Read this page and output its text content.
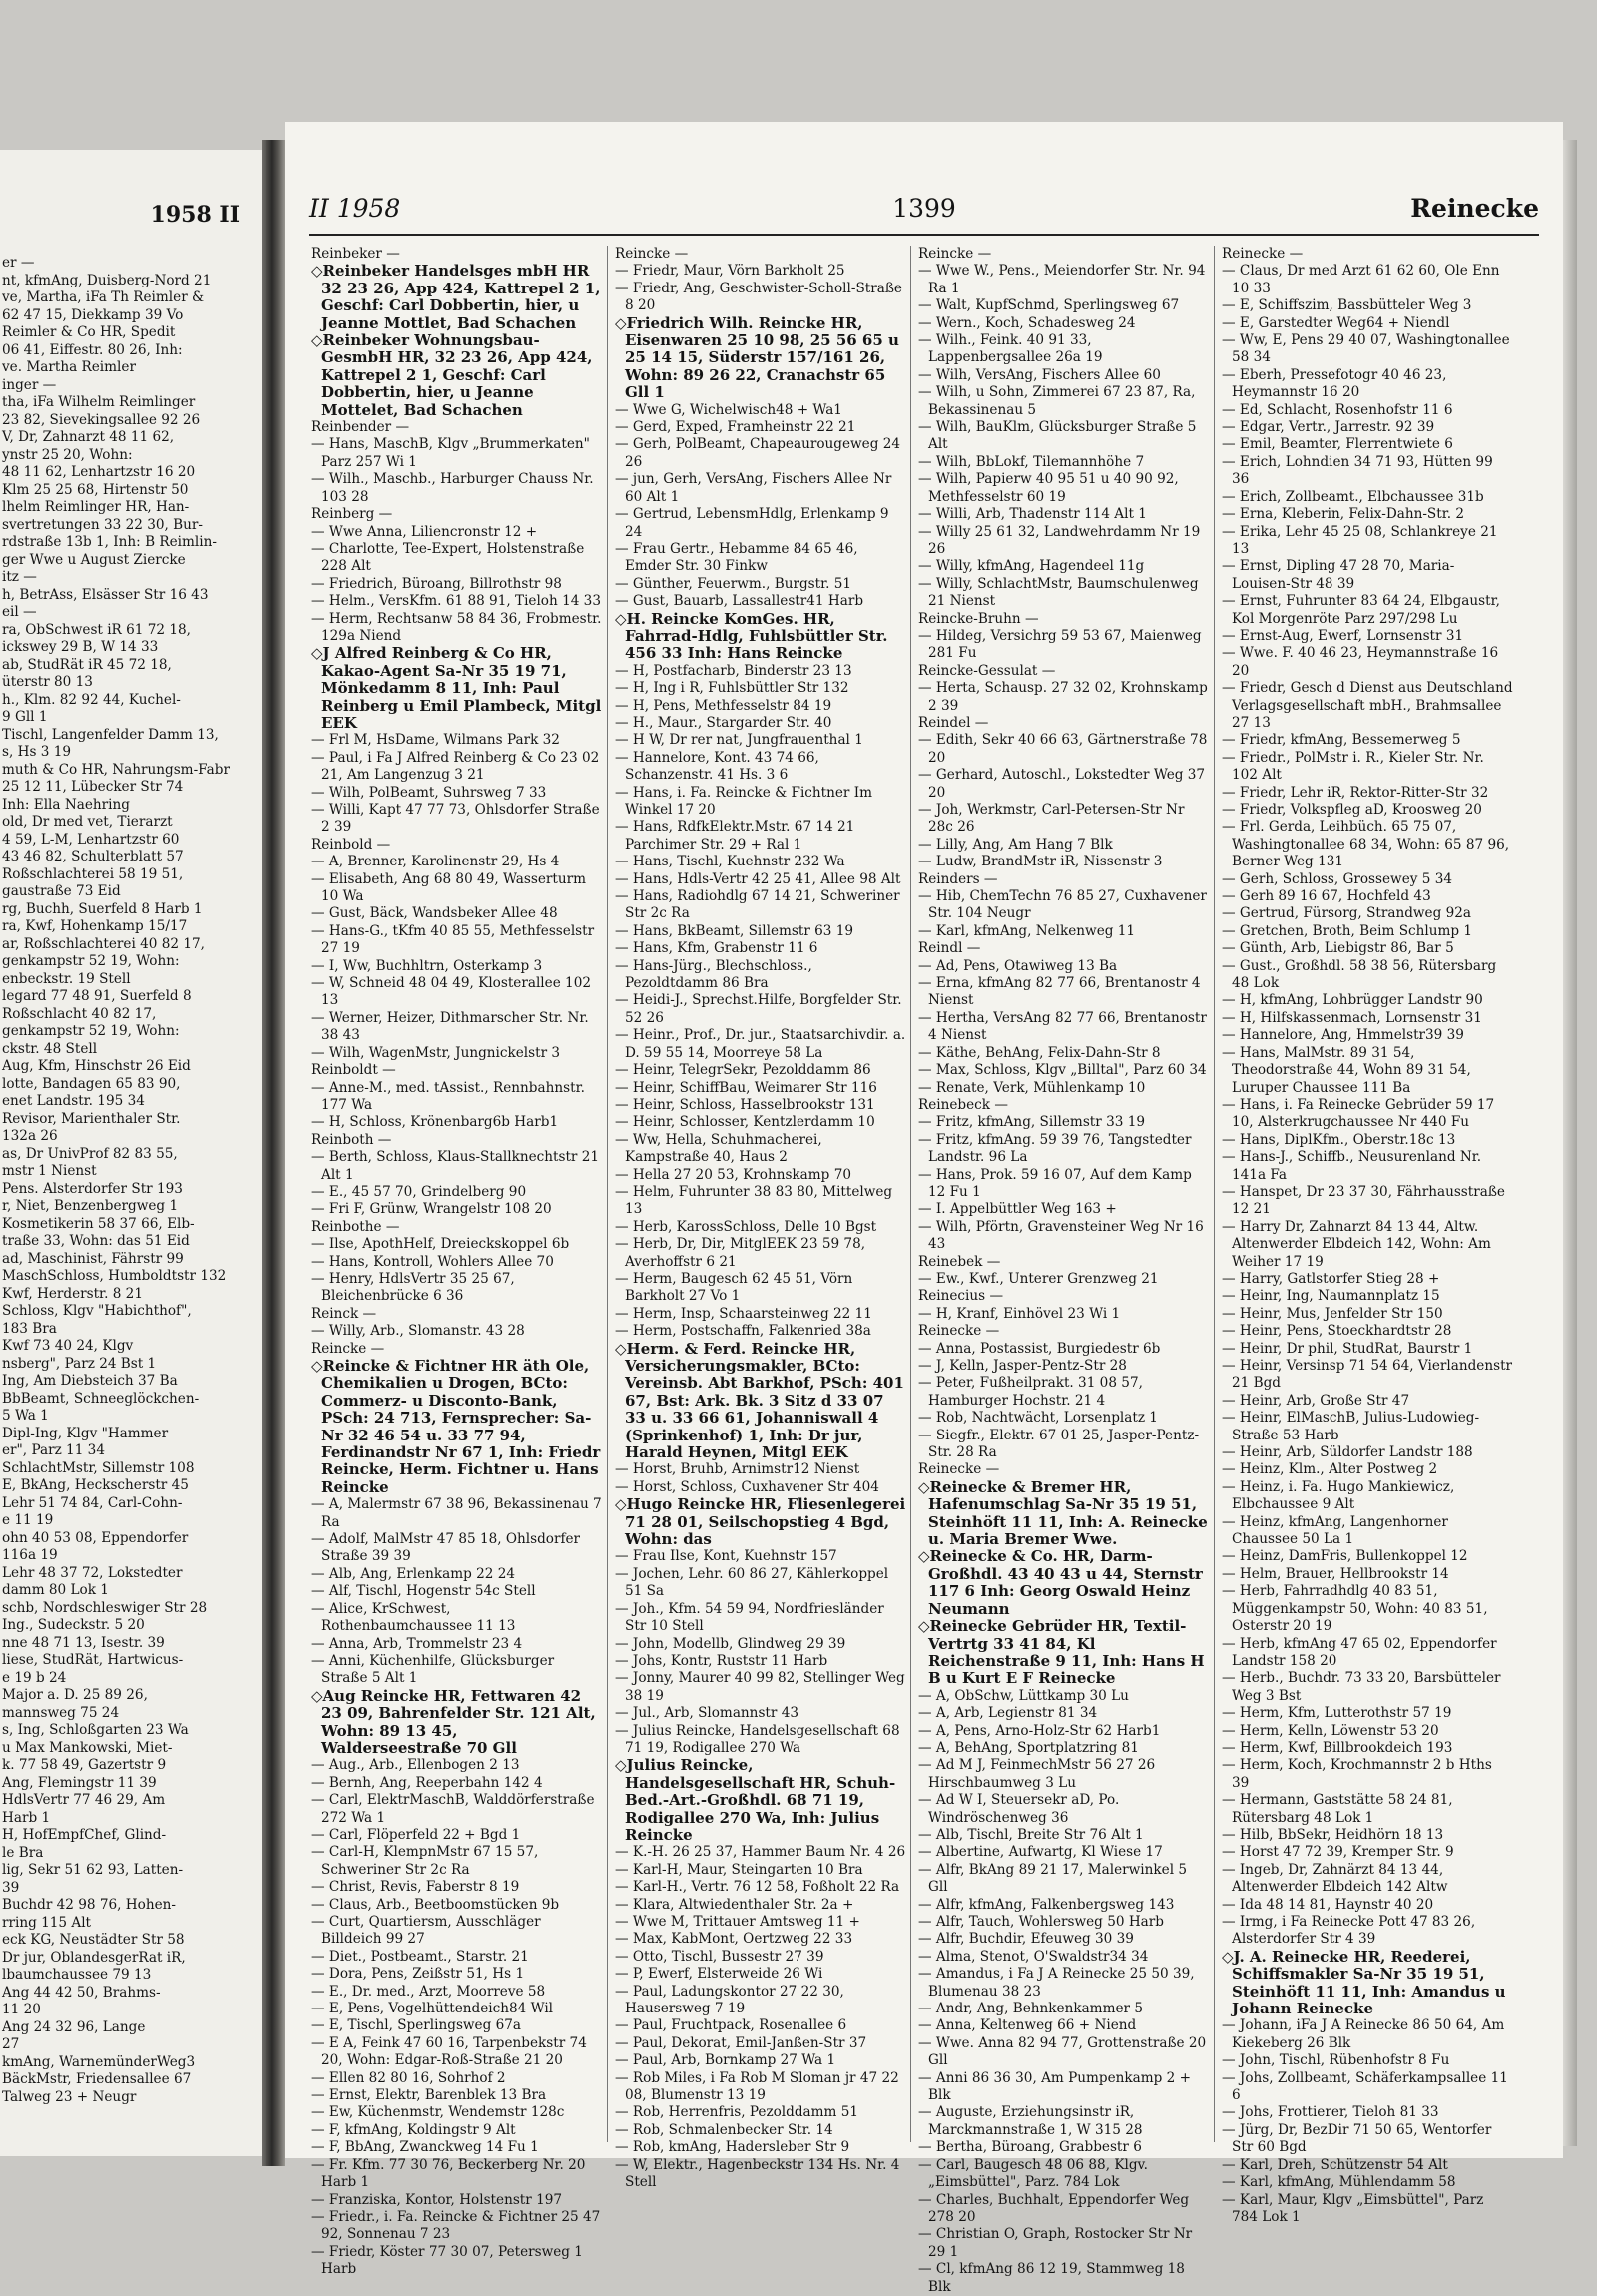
1958 II
er —
nt, kfmAng, Duisberg-Nord 21
ve, Martha, iFa Th Reimler &
62 47 15, Diekkamp 39 Vo
Reimler & Co HR, Spedit
06 41, Eiffestr. 80 26, Inh:
ve. Martha Reimler
inger —
tha, iFa Wilhelm Reimlinger
23 82, Sievekingsallee 92 26
V, Dr, Zahnarzt 48 11 62,
ynstr 25 20, Wohn:
48 11 62, Lenhartzstr 16 20
Klm 25 25 68, Hirtenstr 50
lhelm Reimlinger HR, Han-
svertretungen 33 22 30, Bur-
rdstraße 13b 1, Inh: B Reimlin-
ger Wwe u August Ziercke
itz —
h, BetrAss, Elsässer Str 16 43
eil —
ra, ObSchwest iR 61 72 18,
ickswey 29 B, W 14 33
ab, StudRät iR 45 72 18,
üterstr 80 13
h., Klm. 82 92 44, Kuchel-
9 Gll 1
Tischl, Langenfelder Damm 13,
s, Hs 3 19
muth & Co HR, Nahrungsm-Fabr
25 12 11, Lübecker Str 74
Inh: Ella Naehring
old, Dr med vet, Tierarzt
4 59, L-M, Lenhartzstr 60
43 46 82, Schulterblatt 57
Roßschlachterei 58 19 51,
gaustraße 73 Eid
rg, Buchh, Suerfeld 8 Harb 1
ra, Kwf, Hohenkamp 15/17
ar, Roßschlachterei 40 82 17,
genkampstr 52 19, Wohn:
enbeckstr. 19 Stell
legard 77 48 91, Suerfeld 8
Roßschlacht 40 82 17,
genkampstr 52 19, Wohn:
ckstr. 48 Stell
Aug, Kfm, Hinschstr 26 Eid
lotte, Bandagen 65 83 90,
enet Landstr. 195 34
Revisor, Marienthaler Str.
132a 26
as, Dr UnivProf 82 83 55,
mstr 1 Nienst
Pens. Alsterdorfer Str 193
r, Niet, Benzenbergweg 1
Kosmetikerin 58 37 66, Elb-
traße 33, Wohn: das 51 Eid
ad, Maschinist, Fährstr 99
MaschSchloss, Humboldtstr 132
Kwf, Herderstr. 8 21
Schloss, Klgv "Habichthof",
183 Bra
Kwf 73 40 24, Klgv
nsberg", Parz 24 Bst 1
Ing, Am Diebsteich 37 Ba
BbBeamt, Schneeglöckchen-
5 Wa 1
Dipl-Ing, Klgv "Hammer
er", Parz 11 34
SchlachtMstr, Sillemstr 108
E, BkAng, Heckscherstr 45
Lehr 51 74 84, Carl-Cohn-
e 11 19
ohn 40 53 08, Eppendorfer
116a 19
Lehr 48 37 72, Lokstedter
damm 80 Lok 1
schb, Nordschleswiger Str 28
Ing., Sudeckstr. 5 20
nne 48 71 13, Isestr. 39
liese, StudRät, Hartwicus-
e 19 b 24
Major a. D. 25 89 26,
mannsweg 75 24
s, Ing, Schloßgarten 23 Wa
u Max Mankowski, Miet-
k. 77 58 49, Gazertstr 9
Ang, Flemingstr 11 39
HdlsVertr 77 46 29, Am
Harb 1
H, HofEmpfChef, Glind-
le Bra
lig, Sekr 51 62 93, Latten-
39
Buchdr 42 98 76, Hohen-
rring 115 Alt
eck KG, Neustädter Str 58
Dr jur, OblandesgerRat iR,
lbaumchaussee 79 13
Ang 44 42 50, Brahms-
11 20
Ang 24 32 96, Lange
27
kmAng, WarnemünderWeg3
BäckMstr, Friedensallee 67
Talweg 23 + Neugr
II 1958	1399	Reinecke

Reinbeker —

◇ Reinbeker Handelsges mbH HR 32 23 26, App 424, Kattrepel 2 1, Geschf: Carl Dobbertin, hier, u Jeanne Mottlet, Bad Schachen

◇ Reinbeker Wohnungsbau-GesmbH HR, 32 23 26, App 424, Kattrepel 2 1, Geschf: Carl Dobbertin, hier, u Jeanne Mottelet, Bad Schachen

Reinbender —

— Hans, MaschB, Klgv „Brummerkaten" Parz 257 Wi 1

— Wilh., Maschb., Harburger Chauss Nr. 103 28

Reinberg —

— Wwe Anna, Liliencronstr 12 +

— Charlotte, Tee-Expert, Holstenstraße 228 Alt

— Friedrich, Büroang, Billrothstr 98

— Helm., VersKfm. 61 88 91, Tieloh 14 33

— Herm, Rechtsanw 58 84 36, Frobmestr. 129a Niend

◇ J Alfred Reinberg & Co HR, Kakao-Agent Sa-Nr 35 19 71, Mönkedamm 8 11, Inh: Paul Reinberg u Emil Plambeck, Mitgl EEK

— Frl M, HsDame, Wilmans Park 32

— Paul, i Fa J Alfred Reinberg & Co 23 02 21, Am Langenzug 3 21

— Wilh, PolBeamt, Suhrsweg 7 33

— Willi, Kapt 47 77 73, Ohlsdorfer Straße 2 39

Reinbold —

— A, Brenner, Karolinenstr 29, Hs 4

— Elisabeth, Ang 68 80 49, Wasserturm 10 Wa

— Gust, Bäck, Wandsbeker Allee 48

— Hans-G., tKfm 40 85 55, Methfesselstr 27 19

— I, Ww, Buchhltrn, Osterkamp 3

— W, Schneid 48 04 49, Klosterallee 102 13

— Werner, Heizer, Dithmarscher Str. Nr. 38 43

— Wilh, WagenMstr, Jungnickelstr 3

Reinboldt —

— Anne-M., med. tAssist., Rennbahnstr. 177 Wa

— H, Schloss, Krönenbarg6b Harb1

Reinboth —

— Berth, Schloss, Klaus-Stallknechtstr 21 Alt 1

— E., 45 57 70, Grindelberg 90

— Fri F, Grünw, Wrangelstr 108 20

Reinbothe —

— Ilse, ApothHelf, Dreieckskoppel 6b

— Hans, Kontroll, Wohlers Allee 70

— Henry, HdlsVertr 35 25 67, Bleichenbrücke 6 36

Reinck —

— Willy, Arb., Slomanstr. 43 28

Reincke —

◇ Reincke & Fichtner HR äth Ole, Chemikalien u Drogen, BCto: Commerz- u Disconto-Bank, PSch: 24 713, Fernsprecher: Sa-Nr 32 46 54 u. 33 77 94, Ferdinandstr Nr 67 1, Inh: Friedr Reincke, Herm. Fichtner u. Hans Reincke

— A, Malermstr 67 38 96, Bekassinenau 7 Ra

— Adolf, MalMstr 47 85 18, Ohlsdorfer Straße 39 39

— Alb, Ang, Erlenkamp 22 24

— Alf, Tischl, Hogenstr 54c Stell

— Alice, KrSchwest, Rothenbaumchaussee 11 13

— Anna, Arb, Trommelstr 23 4

— Anni, Küchenhilfe, Glücksburger Straße 5 Alt 1

◇ Aug Reincke HR, Fettwaren 42 23 09, Bahrenfelder Str. 121 Alt, Wohn: 89 13 45, Walderseestraße 70 Gll

— Aug., Arb., Ellenbogen 2 13

— Bernh, Ang, Reeperbahn 142 4

— Carl, ElektrMaschB, Walddörferstraße 272 Wa 1

— Carl, Flöperfeld 22 + Bgd 1

— Carl-H, KlempnMstr 67 15 57, Schweriner Str 2c Ra

— Christ, Revis, Faberstr 8 19

— Claus, Arb., Beetboomstücken 9b

— Curt, Quartiersm, Ausschläger Billdeich 99 27

— Diet., Postbeamt., Starstr. 21

— Dora, Pens, Zeißstr 51, Hs 1

— E., Dr. med., Arzt, Moorreve 58

— E, Pens, Vogelhüttendeich84 Wil

— E, Tischl, Sperlingsweg 67a

— E A, Feink 47 60 16, Tarpenbekstr 74 20, Wohn: Edgar-Roß-Straße 21 20

— Ellen 82 80 16, Sohrhof 2

— Ernst, Elektr, Barenblek 13 Bra

— Ew, Küchenmstr, Wendemstr 128c

— F, kfmAng, Koldingstr 9 Alt

— F, BbAng, Zwanckweg 14 Fu 1

— Fr. Kfm. 77 30 76, Beckerberg Nr. 20 Harb 1

— Franziska, Kontor, Holstenstr 197

— Friedr., i. Fa. Reincke & Fichtner 25 47 92, Sonnenau 7 23

— Friedr, Köster 77 30 07, Petersweg 1 Harb

Reincke —

— Friedr, Maur, Vörn Barkholt 25

— Friedr, Ang, Geschwister-Scholl-Straße 8 20

◇ Friedrich Wilh. Reincke HR, Eisenwaren 25 10 98, 25 56 65 u 25 14 15, Süderstr 157/161 26, Wohn: 89 26 22, Cranachstr 65 Gll 1

— Wwe G, Wichelwisch48 + Wa1

— Gerd, Exped, Framheinstr 22 21

— Gerh, PolBeamt, Chapeaurougeweg 24 26

— jun, Gerh, VersAng, Fischers Allee Nr 60 Alt 1

— Gertrud, LebensmHdlg, Erlenkamp 9 24

— Frau Gertr., Hebamme 84 65 46, Emder Str. 30 Finkw

— Günther, Feuerwm., Burgstr. 51

— Gust, Bauarb, Lassallestr41 Harb

◇ H. Reincke KomGes. HR, Fahrrad-Hdlg, Fuhlsbüttler Str. 456 33 Inh: Hans Reincke

— H, Postfacharb, Binderstr 23 13

— H, Ing i R, Fuhlsbüttler Str 132

— H, Pens, Methfesselstr 84 19

— H., Maur., Stargarder Str. 40

— H W, Dr rer nat, Jungfrauenthal 1

— Hannelore, Kont. 43 74 66, Schanzenstr. 41 Hs. 3 6

— Hans, i. Fa. Reincke & Fichtner Im Winkel 17 20

— Hans, RdfkElektr.Mstr. 67 14 21 Parchimer Str. 29 + Ral 1

— Hans, Tischl, Kuehnstr 232 Wa

— Hans, Hdls-Vertr 42 25 41, Allee 98 Alt

— Hans, Radiohdlg 67 14 21, Schweriner Str 2c Ra

— Hans, BkBeamt, Sillemstr 63 19

— Hans, Kfm, Grabenstr 11 6

— Hans-Jürg., Blechschloss., Pezoldtdamm 86 Bra

— Heidi-J., Sprechst.Hilfe, Borgfelder Str. 52 26

— Heinr., Prof., Dr. jur., Staatsarchivdir. a. D. 59 55 14, Moorreye 58 La

— Heinr, TelegrSekr, Pezolddamm 86

— Heinr, SchiffBau, Weimarer Str 116

— Heinr, Schloss, Hasselbrookstr 131

— Heinr, Schlosser, Kentzlerdamm 10

— Ww, Hella, Schuhmacherei, Kampstraße 40, Haus 2

— Hella 27 20 53, Krohnskamp 70

— Helm, Fuhrunter 38 83 80, Mittelweg 13

— Herb, KarossSchloss, Delle 10 Bgst

— Herb, Dr, Dir, MitglEEK 23 59 78, Averhoffstr 6 21

— Herm, Baugesch 62 45 51, Vörn Barkholt 27 Vo 1

— Herm, Insp, Schaarsteinweg 22 11

— Herm, Postschaffn, Falkenried 38a

◇ Herm. & Ferd. Reincke HR, Versicherungsmakler, BCto: Vereinsb. Abt Barkhof, PSch: 401 67, Bst: Ark. Bk. 3 Sitz d 33 07 33 u. 33 66 61, Johanniswall 4 (Sprinkenhof) 1, Inh: Dr jur, Harald Heynen, Mitgl EEK

— Horst, Bruhb, Arnimstr12 Nienst

— Horst, Schloss, Cuxhavener Str 404

◇ Hugo Reincke HR, Fliesenlegerei 71 28 01, Seilschopstieg 4 Bgd, Wohn: das

— Frau Ilse, Kont, Kuehnstr 157

— Jochen, Lehr. 60 86 27, Kählerkoppel 51 Sa

— Joh., Kfm. 54 59 94, Nordfriesländer Str 10 Stell

— John, Modellb, Glindweg 29 39

— Johs, Kontr, Ruststr 11 Harb

— Jonny, Maurer 40 99 82, Stellinger Weg 38 19

— Jul., Arb, Slomannstr 43

— Julius Reincke, Handelsgesellschaft 68 71 19, Rodigallee 270 Wa

◇ Julius Reincke, Handelsgesellschaft HR, Schuh-Bed.-Art.-Großhdl. 68 71 19, Rodigallee 270 Wa, Inh: Julius Reincke

— K.-H. 26 25 37, Hammer Baum Nr. 4 26

— Karl-H, Maur, Steingarten 10 Bra

— Karl-H., Vertr. 76 12 58, Foßholt 22 Ra

— Klara, Altwiedenthaler Str. 2a +

— Wwe M, Trittauer Amtsweg 11 +

— Max, KabMont, Oertzweg 22 33

— Otto, Tischl, Bussestr 27 39

— P, Ewerf, Elsterweide 26 Wi

— Paul, Ladungskontor 27 22 30, Hausersweg 7 19

— Paul, Fruchtpack, Rosenallee 6

— Paul, Dekorat, Emil-Janßen-Str 37

— Paul, Arb, Bornkamp 27 Wa 1

— Rob Miles, i Fa Rob M Sloman jr 47 22 08, Blumenstr 13 19

— Rob, Herrenfris, Pezolddamm 51

— Rob, Schmalenbecker Str. 14

— Rob, kmAng, Hadersleber Str 9

— W, Elektr., Hagenbeckstr 134 Hs. Nr. 4 Stell

Reincke —

— Wwe W., Pens., Meiendorfer Str. Nr. 94 Ra 1

— Walt, KupfSchmd, Sperlingsweg 67

— Wern., Koch, Schadesweg 24

— Wilh., Feink. 40 91 33, Lappenbergsallee 26a 19

— Wilh, VersAng, Fischers Allee 60

— Wilh, u Sohn, Zimmerei 67 23 87, Ra, Bekassinenau 5

— Wilh, BauKlm, Glücksburger Straße 5 Alt

— Wilh, BbLokf, Tilemannhöhe 7

— Wilh, Papierw 40 95 51 u 40 90 92, Methfesselstr 60 19

— Willi, Arb, Thadenstr 114 Alt 1

— Willy 25 61 32, Landwehrdamm Nr 19 26

— Willy, kfmAng, Hagendeel 11g

— Willy, SchlachtMstr, Baumschulenweg 21 Nienst

Reincke-Bruhn —

— Hildeg, Versichrg 59 53 67, Maienweg 281 Fu

Reincke-Gessulat —

— Herta, Schausp. 27 32 02, Krohnskamp 2 39

Reindel —

— Edith, Sekr 40 66 63, Gärtnerstraße 78 20

— Gerhard, Autoschl., Lokstedter Weg 37 20

— Joh, Werkmstr, Carl-Petersen-Str Nr 28c 26

— Lilly, Ang, Am Hang 7 Blk

— Ludw, BrandMstr iR, Nissenstr 3

Reinders —

— Hib, ChemTechn 76 85 27, Cuxhavener Str. 104 Neugr

— Karl, kfmAng, Nelkenweg 11

Reindl —

— Ad, Pens, Otawiweg 13 Ba

— Erna, kfmAng 82 77 66, Brentanostr 4 Nienst

— Hertha, VersAng 82 77 66, Brentanostr 4 Nienst

— Käthe, BehAng, Felix-Dahn-Str 8

— Max, Schloss, Klgv „Billtal", Parz 60 34

— Renate, Verk, Mühlenkamp 10

Reinebeck —

— Fritz, kfmAng, Sillemstr 33 19

— Fritz, kfmAng. 59 39 76, Tangstedter Landstr. 96 La

— Hans, Prok. 59 16 07, Auf dem Kamp 12 Fu 1

— I. Appelbüttler Weg 163 +

— Wilh, Pförtn, Gravensteiner Weg Nr 16 43

Reinebek —

— Ew., Kwf., Unterer Grenzweg 21

Reinecius —

— H, Kranf, Einhövel 23 Wi 1

Reinecke —

— Anna, Postassist, Burgiedestr 6b

— J, Kelln, Jasper-Pentz-Str 28

— Peter, Fußheilprakt. 31 08 57, Hamburger Hochstr. 21 4

— Rob, Nachtwächt, Lorsenplatz 1

— Siegfr., Elektr. 67 01 25, Jasper-Pentz-Str. 28 Ra

Reinecke —

◇ Reinecke & Bremer HR, Hafenumschlag Sa-Nr 35 19 51, Steinhöft 11 11, Inh: A. Reinecke u. Maria Bremer Wwe.

◇ Reinecke & Co. HR, Darm-Großhdl. 43 40 43 u 44, Sternstr 117 6 Inh: Georg Oswald Heinz Neumann

◇ Reinecke Gebrüder HR, Textil-Vertrtg 33 41 84, Kl Reichenstraße 9 11, Inh: Hans H B u Kurt E F Reinecke

— A, ObSchw, Lüttkamp 30 Lu

— A, Arb, Legienstr 81 34

— A, Pens, Arno-Holz-Str 62 Harb1

— A, BehAng, Sportplatzring 81

— Ad M J, FeinmechMstr 56 27 26 Hirschbaumweg 3 Lu

— Ad W I, Steuersekr aD, Po. Windröschenweg 36

— Alb, Tischl, Breite Str 76 Alt 1

— Albertine, Aufwartg, Kl Wiese 17

— Alfr, BkAng 89 21 17, Malerwinkel 5 Gll

— Alfr, kfmAng, Falkenbergsweg 143

— Alfr, Tauch, Wohlersweg 50 Harb

— Alfr, Buchdir, Efeuweg 30 39

— Alma, Stenot, O'Swaldstr34 34

— Amandus, i Fa J A Reinecke 25 50 39, Blumenau 38 23

— Andr, Ang, Behnkenkammer 5

— Anna, Keltenweg 66 + Niend

— Wwe. Anna 82 94 77, Grottenstraße 20 Gll

— Anni 86 36 30, Am Pumpenkamp 2 + Blk

— Auguste, Erziehungsinstr iR, Marckmannstraße 1, W 315 28

— Bertha, Büroang, Grabbestr 6

— Carl, Baugesch 48 06 88, Klgv. „Eimsbüttel", Parz. 784 Lok

— Charles, Buchhalt, Eppendorfer Weg 278 20

— Christian O, Graph, Rostocker Str Nr 29 1

— Cl, kfmAng 86 12 19, Stammweg 18 Blk

Reinecke —

— Claus, Dr med Arzt 61 62 60, Ole Enn 10 33

— E, Schiffszim, Bassbütteler Weg 3

— E, Garstedter Weg64 + Niendl

— Ww, E, Pens 29 40 07, Washingtonallee 58 34

— Eberh, Pressefotogr 40 46 23, Heymannstr 16 20

— Ed, Schlacht, Rosenhofstr 11 6

— Edgar, Vertr., Jarrestr. 92 39

— Emil, Beamter, Flerrentwiete 6

— Erich, Lohndien 34 71 93, Hütten 99 36

— Erich, Zollbeamt., Elbchaussee 31b

— Erna, Kleberin, Felix-Dahn-Str. 2

— Erika, Lehr 45 25 08, Schlankreye 21 13

— Ernst, Dipling 47 28 70, Maria-Louisen-Str 48 39

— Ernst, Fuhrunter 83 64 24, Elbgaustr, Kol Morgenröte Parz 297/298 Lu

— Ernst-Aug, Ewerf, Lornsenstr 31

— Wwe. F. 40 46 23, Heymannstraße 16 20

— Friedr, Gesch d Dienst aus Deutschland Verlagsgesellschaft mbH., Brahmsallee 27 13

— Friedr, kfmAng, Bessemerweg 5

— Friedr., PolMstr i. R., Kieler Str. Nr. 102 Alt

— Friedr, Lehr iR, Rektor-Ritter-Str 32

— Friedr, Volkspfleg aD, Kroosweg 20

— Frl. Gerda, Leihbüch. 65 75 07, Washingtonallee 68 34, Wohn: 65 87 96, Berner Weg 131

— Gerh, Schloss, Grossewey 5 34

— Gerh 89 16 67, Hochfeld 43

— Gertrud, Fürsorg, Strandweg 92a

— Gretchen, Broth, Beim Schlump 1

— Günth, Arb, Liebigstr 86, Bar 5

— Gust., Großhdl. 58 38 56, Rütersbarg 48 Lok

— H, kfmAng, Lohbrügger Landstr 90

— H, Hilfskassenmach, Lornsenstr 31

— Hannelore, Ang, Hmmelstr39 39

— Hans, MalMstr. 89 31 54, Theodorstraße 44, Wohn 89 31 54, Luruper Chaussee 111 Ba

— Hans, i. Fa Reinecke Gebrüder 59 17 10, Alsterkrugchaussee Nr 440 Fu

— Hans, DiplKfm., Oberstr.18c 13

— Hans-J., Schiffb., Neusurenland Nr. 141a Fa

— Hanspet, Dr 23 37 30, Fährhausstraße 12 21

— Harry Dr, Zahnarzt 84 13 44, Altw. Altenwerder Elbdeich 142, Wohn: Am Weiher 17 19

— Harry, Gatlstorfer Stieg 28 +

— Heinr, Ing, Naumannplatz 15

— Heinr, Mus, Jenfelder Str 150

— Heinr, Pens, Stoeckhardtstr 28

— Heinr, Dr phil, StudRat, Baurstr 1

— Heinr, Versinsp 71 54 64, Vierlandenstr 21 Bgd

— Heinr, Arb, Große Str 47

— Heinr, ElMaschB, Julius-Ludowieg-Straße 53 Harb

— Heinr, Arb, Süldorfer Landstr 188

— Heinz, Klm., Alter Postweg 2

— Heinz, i. Fa. Hugo Mankiewicz, Elbchaussee 9 Alt

— Heinz, kfmAng, Langenhorner Chaussee 50 La 1

— Heinz, DamFris, Bullenkoppel 12

— Helm, Brauer, Hellbrookstr 14

— Herb, Fahrradhdlg 40 83 51, Müggenkampstr 50, Wohn: 40 83 51, Osterstr 20 19

— Herb, kfmAng 47 65 02, Eppendorfer Landstr 158 20

— Herb., Buchdr. 73 33 20, Barsbütteler Weg 3 Bst

— Herm, Kfm, Lutterothstr 57 19

— Herm, Kelln, Löwenstr 53 20

— Herm, Kwf, Billbrookdeich 193

— Herm, Koch, Krochmannstr 2 b Hths 39

— Hermann, Gaststätte 58 24 81, Rütersbarg 48 Lok 1

— Hilb, BbSekr, Heidhörn 18 13

— Horst 47 72 39, Kremper Str. 9

— Ingeb, Dr, Zahnärzt 84 13 44, Altenwerder Elbdeich 142 Altw

— Ida 48 14 81, Haynstr 40 20

— Irmg, i Fa Reinecke Pott 47 83 26, Alsterdorfer Str 4 39

◇ J. A. Reinecke HR, Reederei, Schiffsmakler Sa-Nr 35 19 51, Steinhöft 11 11, Inh: Amandus u Johann Reinecke

— Johann, iFa J A Reinecke 86 50 64, Am Kiekeberg 26 Blk

— John, Tischl, Rübenhofstr 8 Fu

— Johs, Zollbeamt, Schäferkampsallee 11 6

— Johs, Frottierer, Tieloh 81 33

— Jürg, Dr, BezDir 71 50 65, Wentorfer Str 60 Bgd

— Karl, Dreh, Schützenstr 54 Alt

— Karl, kfmAng, Mühlendamm 58

— Karl, Maur, Klgv „Eimsbüttel", Parz 784 Lok 1
